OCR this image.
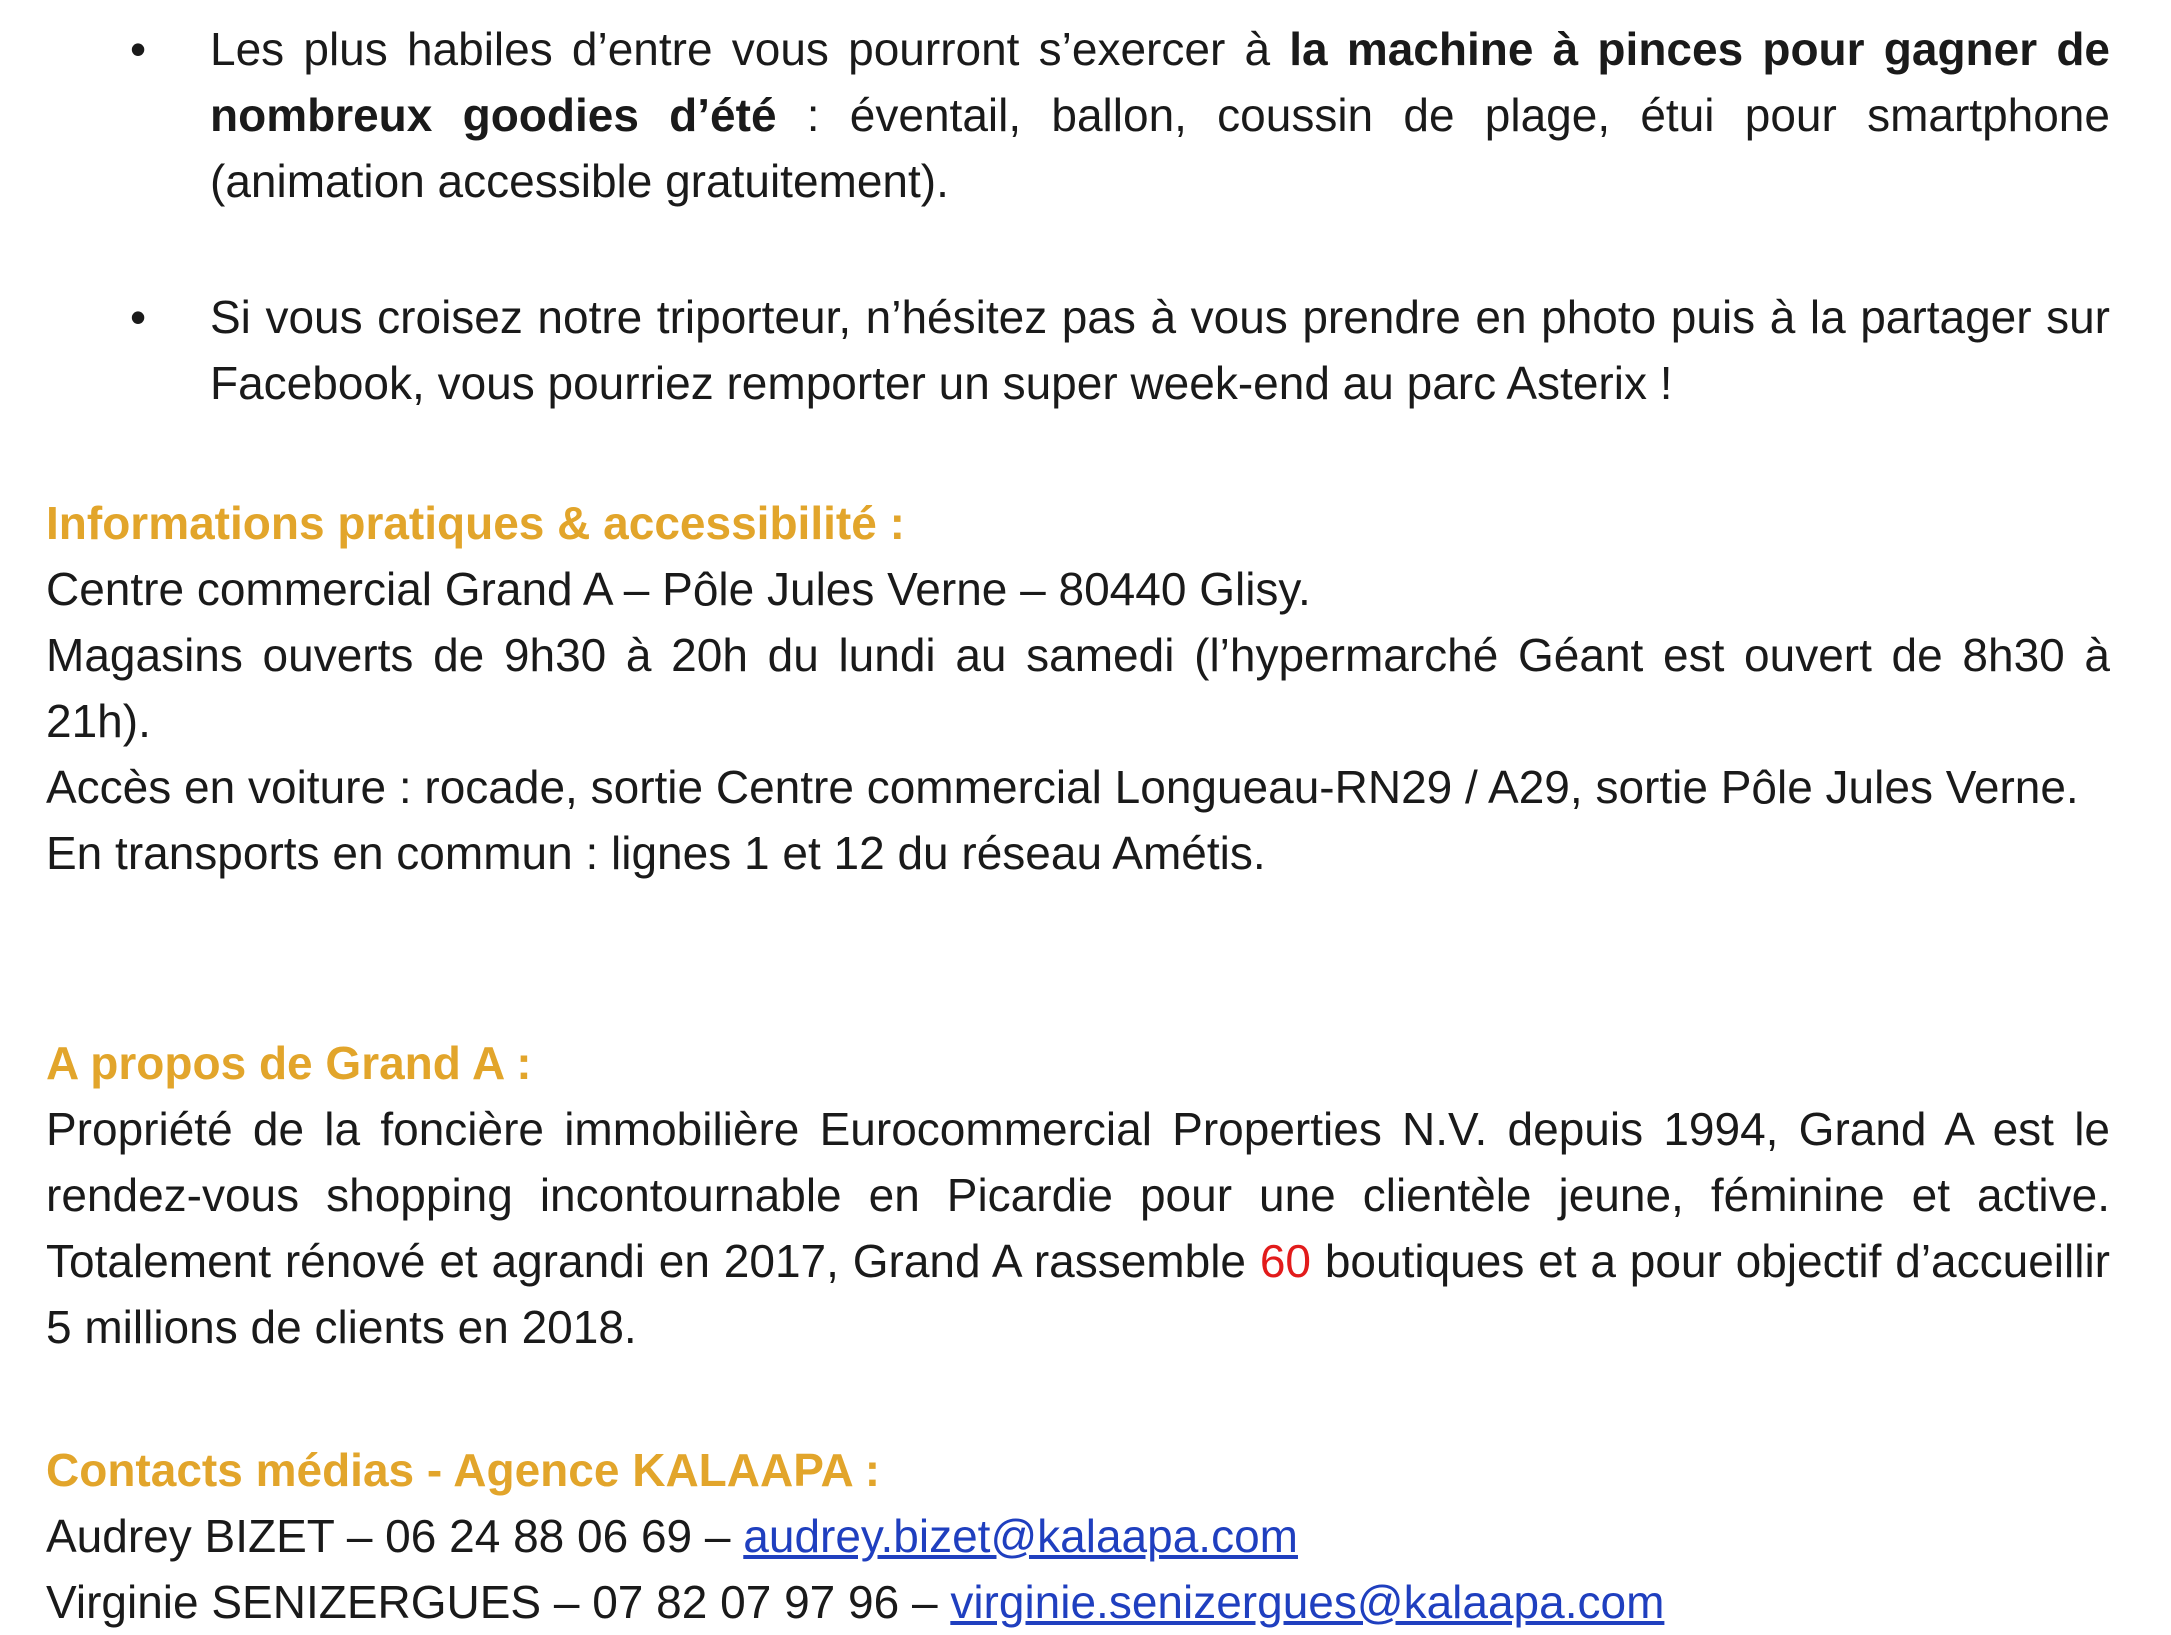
• Les plus habiles d’entre vous pourront s’exercer à la machine à pinces pour gagner de nombreux goodies d’été : éventail, ballon, coussin de plage, étui pour smartphone (animation accessible gratuitement).

• Si vous croisez notre triporteur, n’hésitez pas à vous prendre en photo puis à la partager sur Facebook, vous pourriez remporter un super week-end au parc Asterix !

Informations pratiques & accessibilité :

Centre commercial Grand A – Pôle Jules Verne – 80440 Glisy.

Magasins ouverts de 9h30 à 20h du lundi au samedi (l’hypermarché Géant est ouvert de 8h30 à 21h).

Accès en voiture : rocade, sortie Centre commercial Longueau-RN29 / A29, sortie Pôle Jules Verne.

En transports en commun : lignes 1 et 12 du réseau Amétis.

A propos de Grand A :

Propriété de la foncière immobilière Eurocommercial Properties N.V. depuis 1994, Grand A est le rendez-vous shopping incontournable en Picardie pour une clientèle jeune, féminine et active. Totalement rénové et agrandi en 2017, Grand A rassemble 60 boutiques et a pour objectif d’accueillir 5 millions de clients en 2018.

Contacts médias - Agence KALAAPA :

Audrey BIZET – 06 24 88 06 69 – audrey.bizet@kalaapa.com

Virginie SENIZERGUES – 07 82 07 97 96 – virginie.senizergues@kalaapa.com
